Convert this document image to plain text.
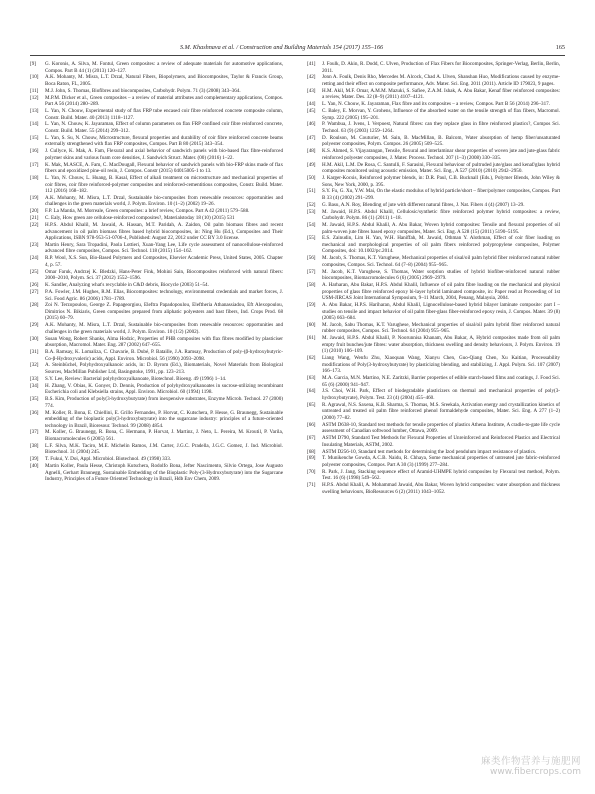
S.M. Khashnava et al. / Construction and Building Materials 154 (2017) 155–166	165
[9] G. Koronis, A. Silva, M. Fontul, Green composites: a review of adequate materials for automotive applications, Compos. Part B 44 (1) (2013) 120–127.
[10] A.K. Mohanty, M. Misra, L.T. Drzal, Natural Fibers, Biopolymers, and Biocomposites, Taylor & Francis Group, Boca Raton, FL, 2005.
[11] M.J. John, S. Thomas, Biofibres and biocomposites, Carbohydr. Polym. 71 (3) (2008) 343–364.
[12] M.P.M. Dicker et al., Green composites – a review of material attributes and complementary applications, Compos. Part A 56 (2014) 280–289.
[13] L. Yan, N. Chouw, Experimental study of flax FRP tube encased coir fibre reinforced concrete composite column, Constr. Build. Mater. 40 (2013) 1118–1127.
[14] L. Yan, N. Chouw, K. Jayaraman, Effect of column parameters on flax FRP confined coir fibre reinforced concrete, Constr. Build. Mater. 55 (2014) 299–312.
[15] L. Yan, S. Su, N. Chouw, Microstructure, flexural properties and durability of coir fibre reinforced concrete beams externally strengthened with flax FRP composites, Compos. Part B 80 (2015) 343–354.
[16] J. Cullyce, K. Mak, A. Fam, Flexural and axial behavior of sandwich panels with bio-based flax fibre-reinforced polymer skins and various foam core densities, J. Sandwich Struct. Mater. (00) (2016) 1–22.
[17] K. Mak, M.ASCE, A. Fam, C. MacDougall, Flexural behavior of sandwich panels with bio-FRP skins made of flax fibers and epoxidized pine-oil resin, J. Compos. Constr (2015) 04015005-1 to 13.
[18] L. Yan, N. Chouw, L. Huang, B. Kasal, Effect of alkali treatment on microstructure and mechanical properties of coir fibres, coir fibre reinforced-polymer composites and reinforced-cementitious composites, Constr. Build. Mater. 112 (2016) 168–182.
[19] A.K. Mohanty, M. Misra, L.T. Drzal, Sustainable bio-composites from renewable resources: opportunities and challenges in the green materials world, J. Polym. Environ. 10 (1–2) (2002) 19–26.
[20] F.P. La Mantia, M. Morreale, Green composites: a brief review, Compos. Part A 42 (2011) 579–588.
[21] C. Ealy, How green are cellulose-reinforced composites?, Materialstoday 18 (10) (2015) 531
[22] H.P.S. Abdul Khalil, M. Jawaid, A. Hassan, M.T. Paridah, A. Zaidon, Oil palm biomass fibres and recent advancement in oil palm biomass fibres based hybrid biocomposites, in: Ning Hu (Ed.), Composites and Their Applications, ISBN 978-953-51-0706-4, Published: August 22, 2012 under CC BY 3.0 license.
[23] Martin Henry, Sara Tropadini, Paola Lottieri, Xuan-Yang Lee, Life cycle assessment of nanocellulose-reinforced advanced fibre composites, Compos. Sci. Technol. 118 (2015) 154–162.
[24] R.P. Wool, X.S. Sun, Bio-Based Polymers and Composites, Elsevier Academic Press, United States, 2005. Chapter 4, p. 57.
[25] Omar Faruk, Andrzej K. Bledzki, Hans-Peter Fink, Mohini Sain, Biocomposites reinforced with natural fibers: 2000–2010, Polym. Sci. 37 (2012) 1552–1596.
[26] K. Sandler, Analyzing what's recyclable in C&D debris, Biocycle (2003) 51–54.
[27] P.A. Fowler, J.M. Hughes, R.M. Elias, Biocomposites: technology, environmental credentials and market forces, J. Sci. Food Agric. 86 (2006) 1781–1789.
[28] Zoi N. Terzopoulou, George Z. Papageorgiou, Eleftra Papadopoulou, Eleftheria Athanassiadou, Eft Alexopoulou, Dimitrios N. Bikiaris, Green composites prepared from aliphatic polyesters and bast fibers, Ind. Crops Prod. 68 (2015) 60–79.
[29] A.K. Mohanty, M. Misra, L.T. Drzal, Sustainable bio-composites from renewable resources: opportunities and challenges in the green materials world, J. Polym. Environ. 10 (1/2) (2002).
[30] Susan Wong, Robert Shanks, Alma Hodzic, Properties of PHB composites with flax fibres modified by plasticiser absorption, Macromol. Mater. Eng. 287 (2002) 647–655.
[31] B.A. Ramsay, K. Lomaliza, C. Chavarie, B. Dubé, P. Bataille, J.A. Ramsay, Production of poly-(β-hydroxybutyric-Co-β-Hydroxyvaleric) acids, Appl. Environ. Microbiol. 56 (1990) 2093–2098.
[32] A. Steinbüchel, Polyhydroxyalkanoic acids, in: D. Byrom (Ed.), Biomaterials, Novel Materials from Biological Sources, MacMillan Publisher Ltd, Basingstoke, 1991, pp. 123–213.
[33] S.Y. Lee, Review: Bacterial polyhydroxyalkanoate, Biotechnol. Bioeng. 49 (1996) 1–14.
[34] H. Zhang, V. Obias, K. Gonyer, D. Dennis, Production of polyhydroxyalkanoates in sucrose-utilizing recombinant Escherichia coli and Klebsiella strains, Appl. Environ. Microbiol. 60 (1994) 1198.
[35] B.S. Kim, Production of poly(3-hydroxybutyrate) from inexpensive substrates, Enzyme Microb. Technol. 27 (2000) 774.
[36] M. Koller, R. Bona, E. Chiellini, E. Grillo Fernandes, P. Horvat, C. Kutschera, P. Hesse, G. Braunegg, Sustainable embedding of the bioplastic poly(3-hydroxybutyrate) into the sugarcane industry: principles of a future-oriented technology in Brazil, Bioresour. Technol. 99 (2008) 4854.
[37] M. Koller, G. Braunegg, R. Bona, C. Hermann, P. Horvat, J. Martinz, J. Neto, L. Pereira, M. Kroutil, P. Varila, Biomacromolecules 6 (2005) 561.
[38] L.F. Silva, M.K. Taciro, M.E. Michelin Ramos, J.M. Carter, J.G.C. Pradella, J.G.C. Gomez, J. Ind. Microbiol. Biotechnol. 31 (2004) 245.
[39] T. Fukui, Y. Doi, Appl. Microbiol. Biotechnol. 49 (1998) 333.
[40] Martin Koller, Paula Hesse, Christoph Kutschera, Rodolfo Bona, Jefter Nascimento, Silvio Ortega, Jose Augusto Agnelli, Gerhart Braunegg, Sustainable Embedding of the Bioplastic Poly-(3-Hydroxybutyrate) into the Sugarcane Industry, Principles of a Future Oriented Technology in Brazil, Hdb Env Chem, 2009.
[41] J. Foulk, D. Akin, R. Dodd, C. Ulven, Production of Flax Fibers for Biocomposites, Springer-Verlag, Berlin, Berlin, 2011.
[42] Jonn A. Foulk, Denis Rho, Mercedes M. Alcock, Chad A. Ulven, Shanshan Huo, Modifications caused by enzyme-retting and their effect on composite performance, Adv. Mater. Sci. Eng. 2011 (2011). Article ID 179023, 9 pages.
[43] H.M. Akil, M.F. Omar, A.M.M. Mazuki, S. Safiee, Z.A.M. Ishak, A. Abu Bakar, Kenaf fiber reinforced composites: a review, Mater. Des. 32 (8–9) (2011) 4107–4121.
[44] L. Yan, N. Chouw, K. Jayaraman, Flax fibre and its composites – a review, Compos. Part B 56 (2014) 296–317.
[45] C. Baley, E. Morvan, Y. Grohens, Influence of the absorbed water on the tensile strength of flax fibers, Macromol. Symp. 222 (2005) 195–201.
[46] P. Wambua, J. Ivens, I. Verpoest, Natural fibres: can they replace glass in fibre reinforced plastics?, Compos Sci. Technol. 63 (9) (2003) 1259–1264.
[47] D. Roulson, M. Couturier, M. Sain, B. MacMillan, B. Balcom, Water absorption of hemp fiber/unsaturated polyester composites, Polym. Compos. 26 (2005) 509–525.
[48] K.S. Ahmed, S. Vijayarangan, Tensile, flexural and interlaminar shear properties of woven jute and jute-glass fabric reinforced polyester composites, J. Mater. Process. Technol. 207 (1–3) (2008) 330–335.
[49] H.M. Akil, L.M. De Rosa, C. Santulli, F. Sarasini, Flexural behaviour of pultruded jute/glass and kenaf/glass hybrid composites monitored using acoustic emission, Mater. Sci. Eng., A 527 (2010) (2010) 2942–2950.
[50] J. Karger-Kocsis, Reinforced polymer blends, in: D.R. Paul, C.B. Bucknall (Eds.), Polymer Blends, John Wiley & Sons, New York, 2000, p. 395.
[51] S.Y. Fu, G. Xu, Y.W. Mai, On the elastic modulus of hybrid particle/short – fiber/polymer composites, Compos. Part B 33 (4) (2002) 291–299.
[52] G. Basu, A.N. Roy, Blending of jute with different natural fibres, J. Nat. Fibers 4 (4) (2007) 13–29.
[53] M. Jawaid, H.P.S. Abdul Khalil, Cellulosic/synthetic fibre reinforced polymer hybrid composites: a review, Carbohydr. Polym. 86 (1) (2011) 1–18.
[54] M. Jawaid, H.P.S. Abdul Khalil, A. Abu Bakar, Woven hybrid composites: Tensile and flexural properties of oil palm-woven jute fibres based epoxy composites, Mater. Sci. Eng. A 528 (15) (2011) 5190–5195.
[55] E.S. Zainudin, Lim H. Yan, W.H. Haniffah, M. Jawaid, Othman Y. Alothman, Effect of coir fiber loading on mechanical and morphological properties of oil palm fibers reinforced polypropylene composites, Polymer Composites, doi: 10.1002/pc.2014.
[56] M. Jacob, S. Thomas, K.T. Varughese, Mechanical properties of sisal/oil palm hybrid fiber reinforced natural rubber composites, Compos. Sci. Technol. 64 (7–8) (2004) 955–965.
[57] M. Jacob, K.T. Varughese, S. Thomas, Water sorption studies of hybrid biofiber-reinforced natural rubber biocomposites, Biomacromolecules 6 (6) (2005) 2969–2979.
[58] A. Harharan, Abu Bakar, H.P.S. Abdul Khalil, Influence of oil palm fibre loading on the mechanical and physical properties of glass fibre reinforced epoxy bi-layer hybrid laminated composite, in: Paper read at Proceeding of 1st USM-JIRCAS Joint International Symposium, 9–11 March, 2004, Penang, Malaysia, 2004.
[59] A. Abu Bakar, H.P.S. Hariharan, Abdul Khalil, Lignocellulose-based hybrid bilayer laminate composite: part I – studies on tensile and impact behavior of oil palm fiber-glass fiber-reinforced epoxy resin, J. Compos. Mater. 39 (8) (2005) 663–684.
[60] M. Jacob, Sabu Thomas, K.T. Varughese, Mechanical properties of sisal/oil palm hybrid fiber reinforced natural rubber composites, Compos. Sci. Technol. 64 (2004) 955–965.
[61] M. Jawaid, H.P.S. Abdul Khalil, P. Noorunnisa Khanam, Abu Bakar, A, Hybrid composites made from oil palm empty fruit bunches/jute fibres: water absorption, thickness swelling and density behaviours, J. Polym. Environ. 19 (1) (2010) 106–109.
[62] Liang Wang, Wenfu Zhu, Xiaoquan Wang, Xianyu Chen, Guo-Qiang Chen, Xu Kaitian, Processability modifications of Poly(3-hydroxybutyrate) by plasticizing blending, and stabilizing, J. Appl. Polym. Sci. 107 (2007) 166–173.
[63] M.A. Garcia, M.N. Martino, N.E. Zaritzki, Barrier properties of edible starch-based films and coatings, J. Food Sci. 65 (6) (2000) 941–947.
[64] J.S. Choi, W.H. Park, Effect of biodegradable plasticizers on thermal and mechanical properties of poly(3-hydroxybutyrate), Polym. Test. 23 (4) (2004) 455–460.
[65] R. Agrawal, N.S. Saxena, K.B. Sharma, S. Thomas, M.S. Sreekala, Activation energy and crystallization kinetics of untreated and treated oil palm fibre reinforced phenol formaldehyde composites, Mater. Sci. Eng. A 277 (1–2) (2000) 77–82.
[66] ASTM D638-10, Standard test methods for tensile properties of plastics Athena Institute, A cradle-to-gate life cycle assessment of Canadian softwood lumber, Ottawa, 2009.
[67] ASTM D790, Standard Test Methods for Flexural Properties of Unreinforced and Reinforced Plastics and Electrical Insulating Materials, ASTM, 2002.
[68] ASTM D256-10, Standard test methods for determining the Izod pendulum impact resistance of plastics.
[69] T. Munikenche Gowda, A.C.B. Naidu, R. Chhaya, Some mechanical properties of untreated jute fabric-reinforced polyester composites, Compos. Part A 30 (3) (1999) 277–284.
[70] R. Park, J. Jang, Stacking sequence effect of Aramid-UHMPE hybrid composites by Flexural test method, Polym. Test. 16 (6) (1998) 549–562.
[71] H.P.S. Abdul Khalil, A. Mohammad Jawaid, Abu Bakar, Woven hybrid composites: water absorption and thickness swelling behaviours, BioResources 6 (2) (2011) 1043–1052.
麻类作物营养与施肥网
www.fibercrops.com
